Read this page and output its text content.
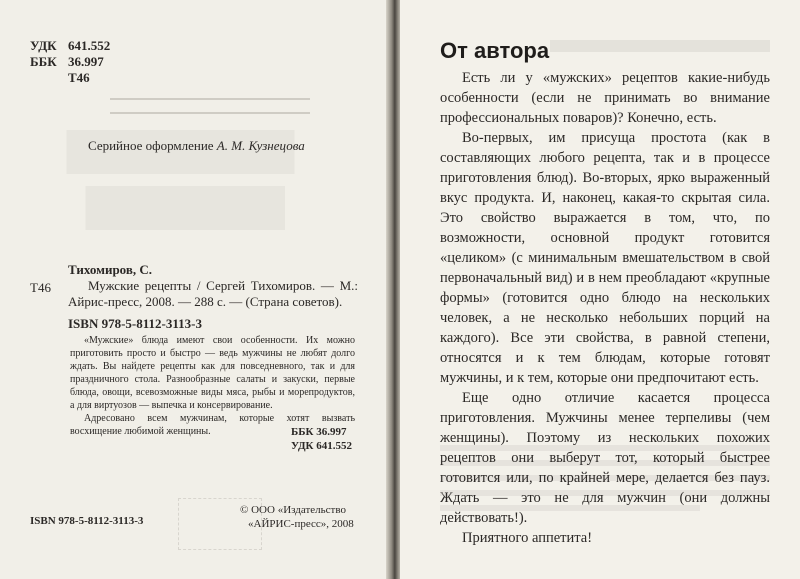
УДК 641.552
ББК 36.997
Т46
Серийное оформление А. М. Кузнецова
Т46
Тихомиров, С.
Мужские рецепты / Сергей Тихомиров. — М.: Айрис-пресс, 2008. — 288 с. — (Страна советов).
ISBN 978-5-8112-3113-3

«Мужские» блюда имеют свои особенности. Их можно приготовить просто и быстро — ведь мужчины не любят долго ждать. Вы найдете рецепты как для повседневного, так и для праздничного стола. Разнообразные салаты и закуски, первые блюда, овощи, всевозможные виды мяса, рыбы и морепродуктов, а для виртуозов — выпечка и консервирование.

Адресовано всем мужчинам, которые хотят вызвать восхищение любимой женщины.	ББК 36.997
УДК 641.552
ISBN 978-5-8112-3113-3
© ООО «Издательство
«АЙРИС-пресс», 2008
От автора

Есть ли у «мужских» рецептов какие-нибудь особенности (если не принимать во внимание профессиональных поваров)? Конечно, есть.

Во-первых, им присуща простота (как в составляющих любого рецепта, так и в процессе приготовления блюд). Во-вторых, ярко выраженный вкус продукта. И, наконец, какая-то скрытая сила. Это свойство выражается в том, что, по возможности, основной продукт готовится «целиком» (с минимальным вмешательством в свой первоначальный вид) и в нем преобладают «крупные формы» (готовится одно блюдо на нескольких человек, а не несколько небольших порций на каждого). Все эти свойства, в равной степени, относятся и к тем блюдам, которые готовят мужчины, и к тем, которые они предпочитают есть.

Еще одно отличие касается процесса приготовления. Мужчины менее терпеливы (чем женщины). Поэтому из нескольких похожих рецептов они выберут тот, который быстрее готовится или, по крайней мере, делается без пауз. Ждать — это не для мужчин (они должны действовать!).

Приятного аппетита!
